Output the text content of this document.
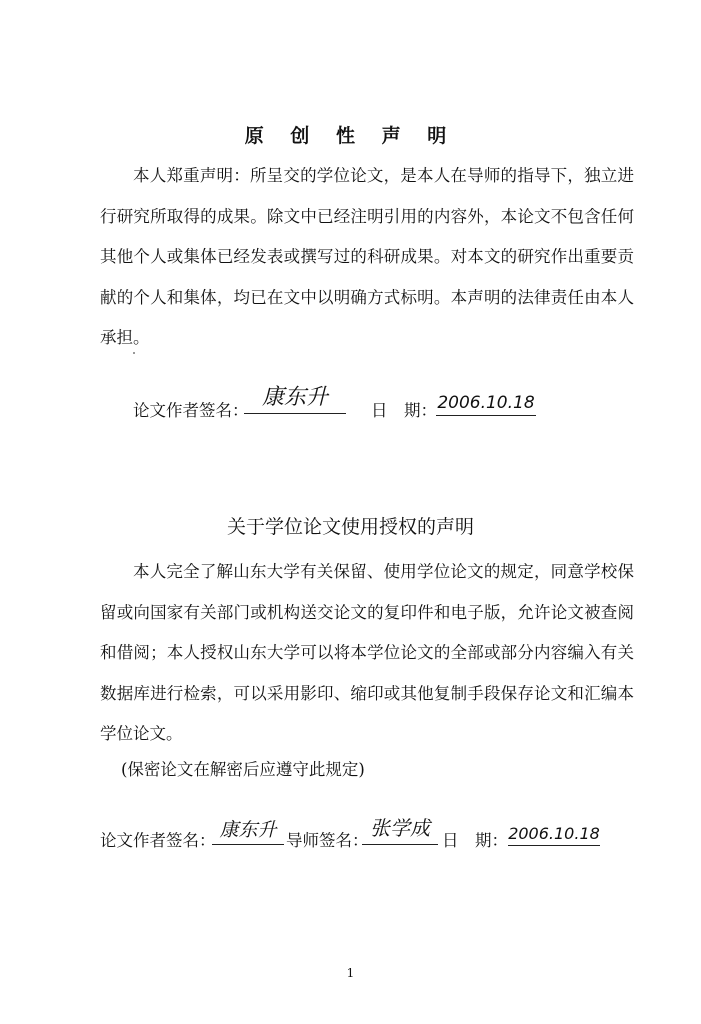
原 创 性 声 明

本人郑重声明：所呈交的学位论文，是本人在导师的指导下，独立进行研究所取得的成果。除文中已经注明引用的内容外，本论文不包含任何其他个人或集体已经发表或撰写过的科研成果。对本文的研究作出重要贡献的个人和集体，均已在文中以明确方式标明。本声明的法律责任由本人承担。

论文作者签名：
康东升
日　期： 2006.10.18
关于学位论文使用授权的声明

本人完全了解山东大学有关保留、使用学位论文的规定，同意学校保留或向国家有关部门或机构送交论文的复印件和电子版，允许论文被查阅和借阅；本人授权山东大学可以将本学位论文的全部或部分内容编入有关数据库进行检索，可以采用影印、缩印或其他复制手段保存论文和汇编本学位论文。

(保密论文在解密后应遵守此规定)
论文作者签名： 康东升 导师签名：
张学成
日　期： 2006.10.18
1
